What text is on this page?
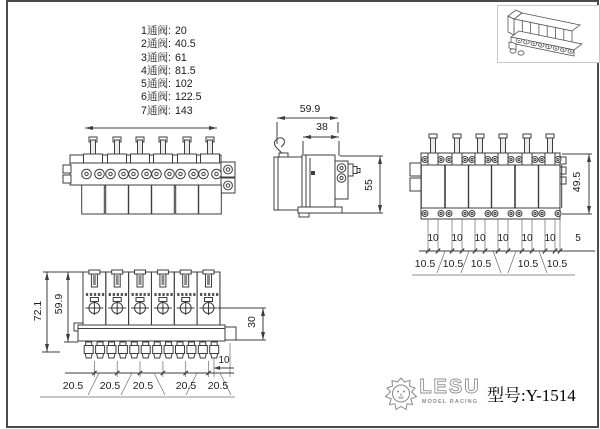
1通阀: 20
2通阀: 40.5
3通阀: 61
4通阀: 81.5
5通阀: 102
6通阀: 122.5
7通阀: 143	59.9
38
55	49.5
10	10	10	10	10	10	5
10.5 10.5 10.5	10.5 10.5
72.1 59.9
30
10
20.5	20.5	20.5	20.5	20.5	LESU
MODEL RACING 型号:Y-1514
